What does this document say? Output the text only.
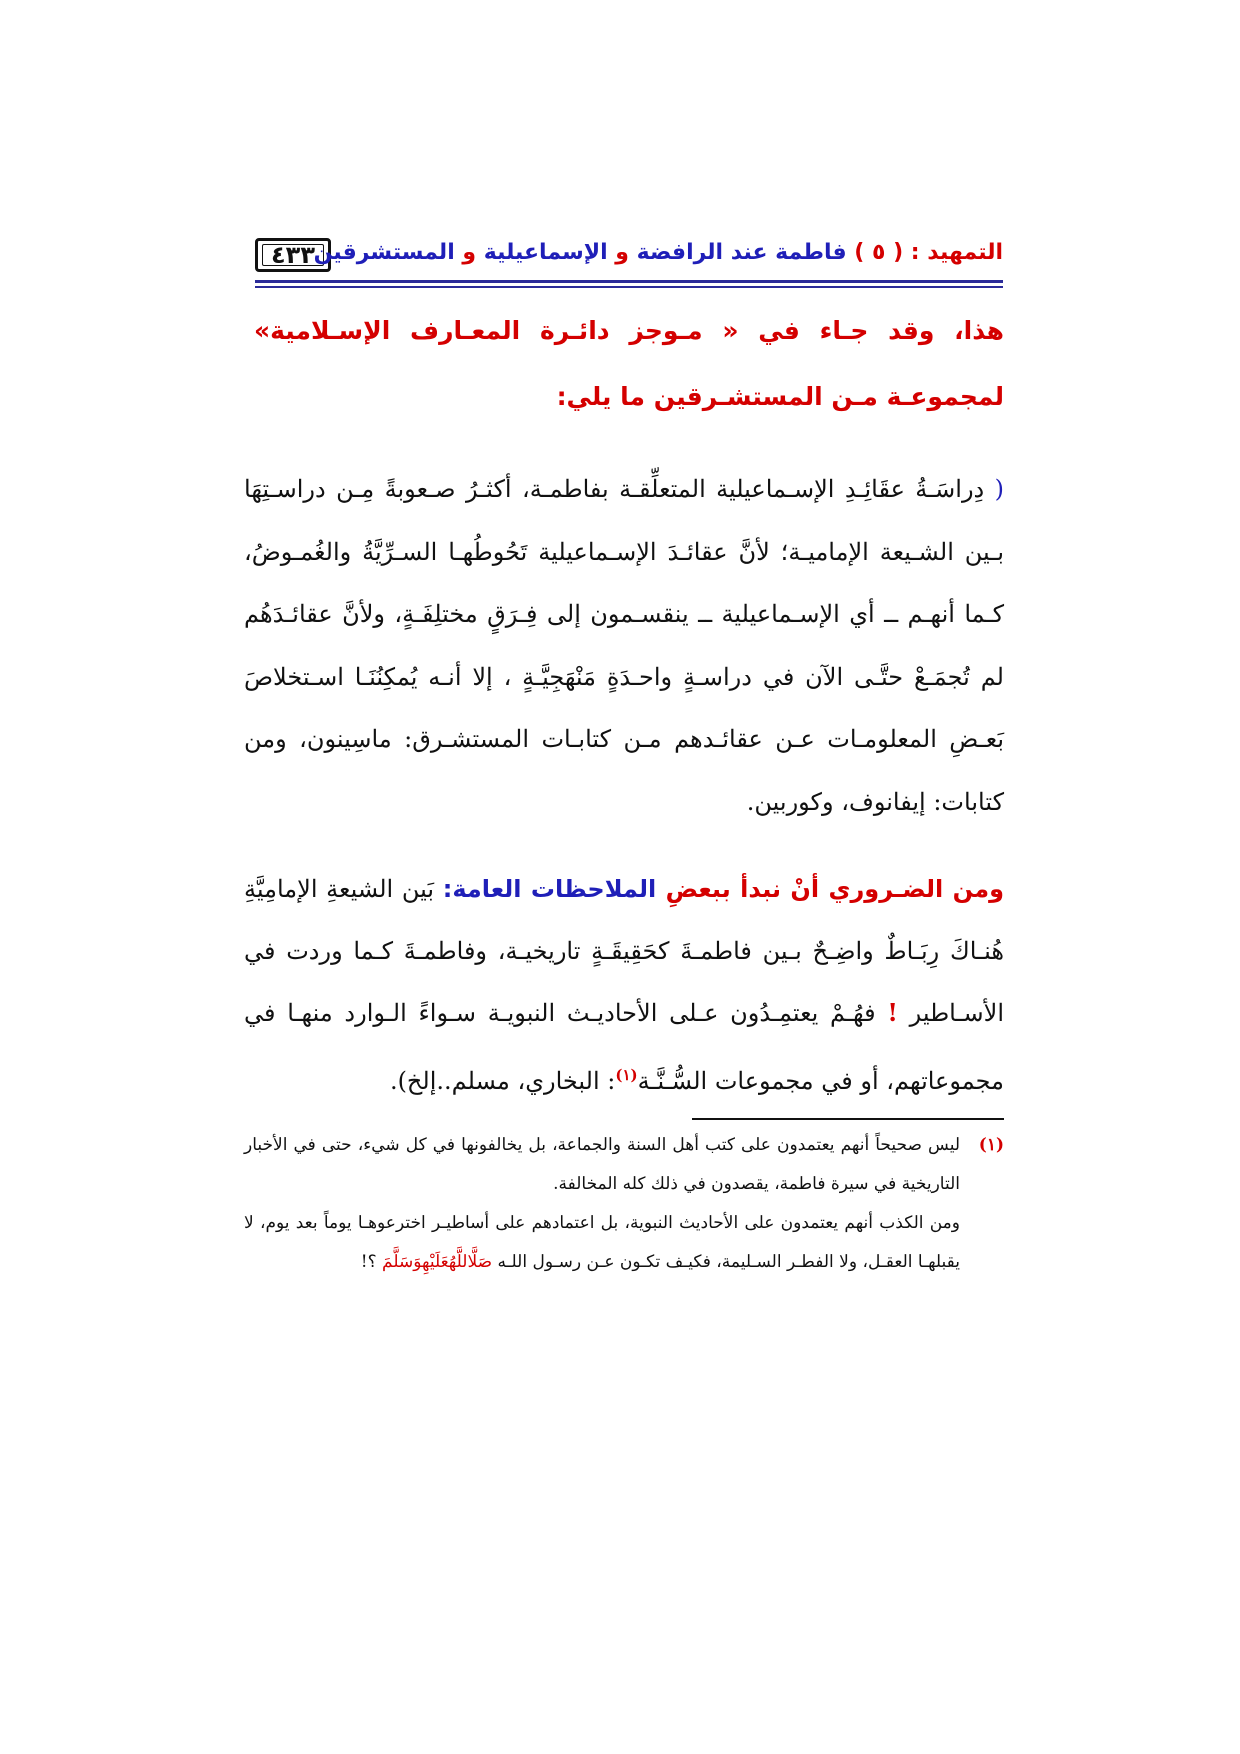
٤٣٣	التمهيد : ( ٥ ) فاطمة عند الرافضة و الإسماعيلية و المستشرقين
هذا، وقد جـاء في « مـوجز دائـرة المعـارف الإسـلامية» لمجموعـة مـن المستشـرقين ما يلي:
( دِراسَـةُ عقَائِـدِ الإسـماعيلية المتعلِّقـة بفاطمـة، أكثـرُ صـعوبةً مِـن دراسـتِهَا بـين الشـيعة الإماميـة؛ لأنَّ عقائـدَ الإسـماعيلية تَحُوطُهـا السـرِّيَّةُ والغُمـوضُ، كـما أنهـم ــ أي الإسـماعيلية ــ ينقسـمون إلى فِـرَقٍ مختلِفَـةٍ، ولأنَّ عقائـدَهُم لم تُجمَـعْ حتَّـى الآن في دراسـةٍ واحـدَةٍ مَنْهَجِيَّـةٍ ، إلا أنـه يُمكِنُنَـا اسـتخلاصَ بَعـضِ المعلومـات عـن عقائـدهم مـن كتابـات المستشـرق: ماسِينون، ومن كتابات: إيفانوف، وكوربين.
ومن الضـروري أنْ نبدأ ببعضِ الملاحظات العامة: بَين الشيعةِ الإمامِيَّةِ هُنـاكَ رِبَـاطٌ واضِـحٌ بـين فاطمـةَ كحَقِيقَـةٍ تاريخيـة، وفاطمـةَ كـما وردت في الأسـاطير ! فهُـمْ يعتمِـدُون عـلى الأحاديـث النبويـة سـواءً الـوارد منهـا في مجموعاتهم، أو في مجموعات السُّـنَّـة$^{(١)}$: البخاري، مسلم..إلخ).
(١)
ليس صحيحاً أنهم يعتمدون على كتب أهل السنة والجماعة، بل يخالفونها في كل شيء، حتى في الأخبار التاريخية في سيرة فاطمة، يقصدون في ذلك كله المخالفة.
ومن الكذب أنهم يعتمدون على الأحاديث النبوية، بل اعتمادهم على أساطيـر اخترعوهـا يوماً بعد يوم، لا يقبلهـا العقـل، ولا الفطـر السـليمة، فكيـف تكـون عـن رسـول اللـه صَلَّاللَّهُعَلَيْهِوَسَلَّمَ ؟!
